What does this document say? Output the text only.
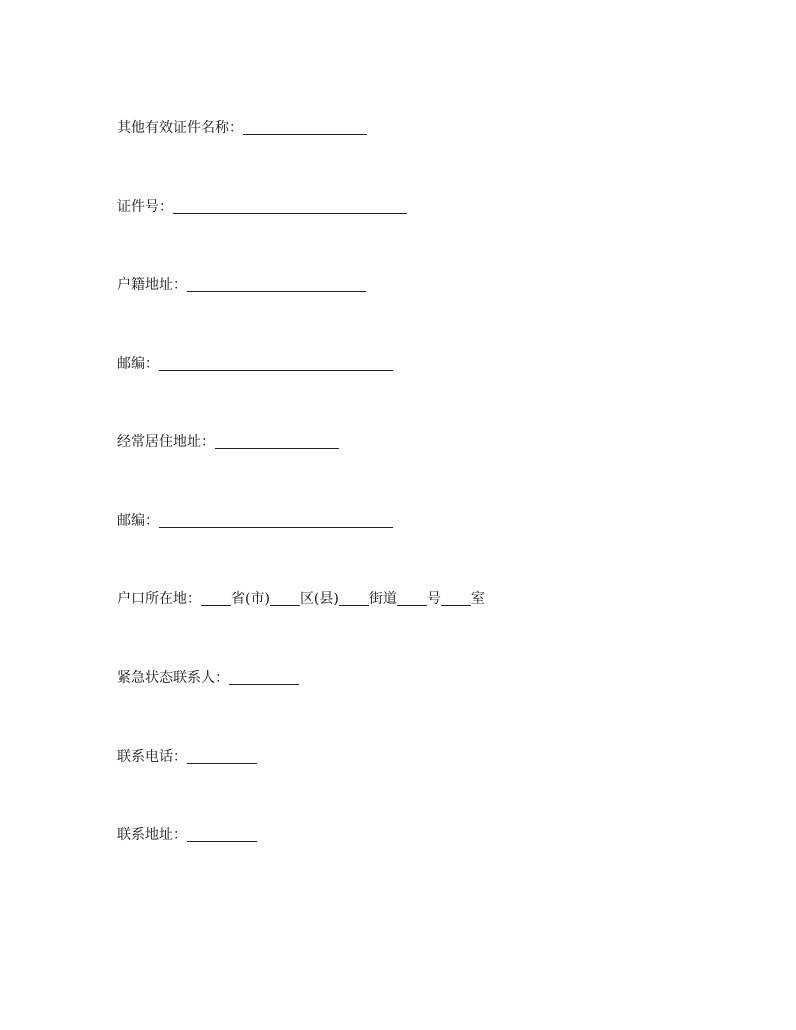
其他有效证件名称：
证件号：
户籍地址：
邮编：
经常居住地址：
邮编：
户口所在地： 省(市) 区(县) 街道 号 室
紧急状态联系人：
联系电话：
联系地址：
